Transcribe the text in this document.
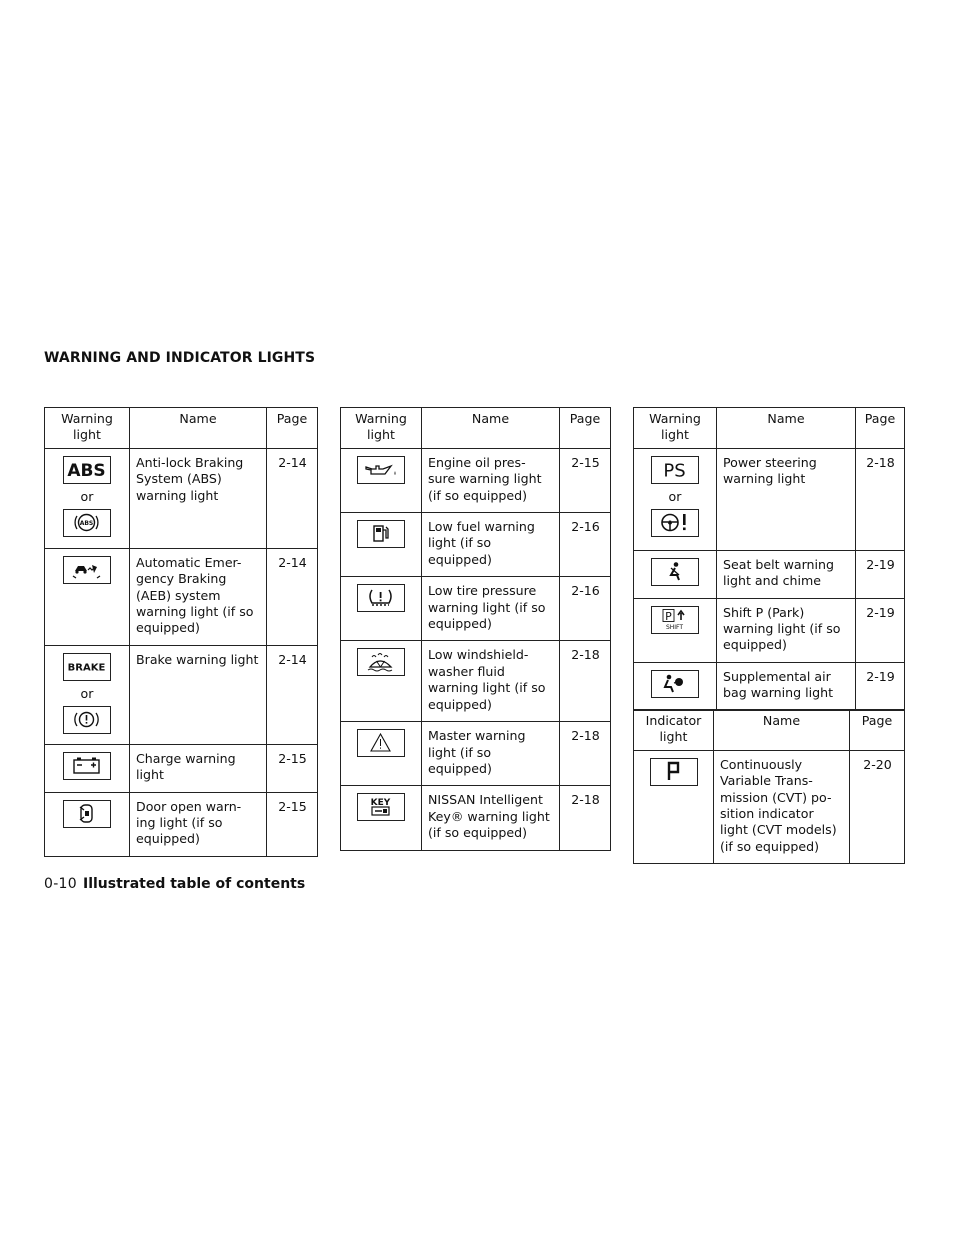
WARNING AND INDICATOR LIGHTS
Warning light	Name	Page

ABS
or
ABS	Anti-lock Braking System (ABS) warning light	2-14

	Automatic Emer- gency Braking (AEB) system warning light (if so equipped)	2-14

BRAKE
or	Brake warning light	2-14

	Charge warning light	2-15

	Door open warn- ing light (if so equipped)	2-15
Warning light	Name	Page

	Engine oil pres- sure warning light (if so equipped)	2-15

	Low fuel warning light (if so equipped)	2-16

	Low tire pressure warning light (if so equipped)	2-16

	Low windshield- washer fluid warning light (if so equipped)	2-18

	Master warning light (if so equipped)	2-18

KEY	NISSAN Intelligent Key® warning light (if so equipped)	2-18
Warning light	Name	Page

PS
or	Power steering warning light	2-18

	Seat belt warning light and chime	2-19

P
SHIFT	Shift P (Park) warning light (if so equipped)	2-19

	Supplemental air bag warning light	2-19
Indicator light	Name	Page

	Continuously Variable Trans- mission (CVT) po- sition indicator light (CVT models) (if so equipped)	2-20
0-10 Illustrated table of contents
